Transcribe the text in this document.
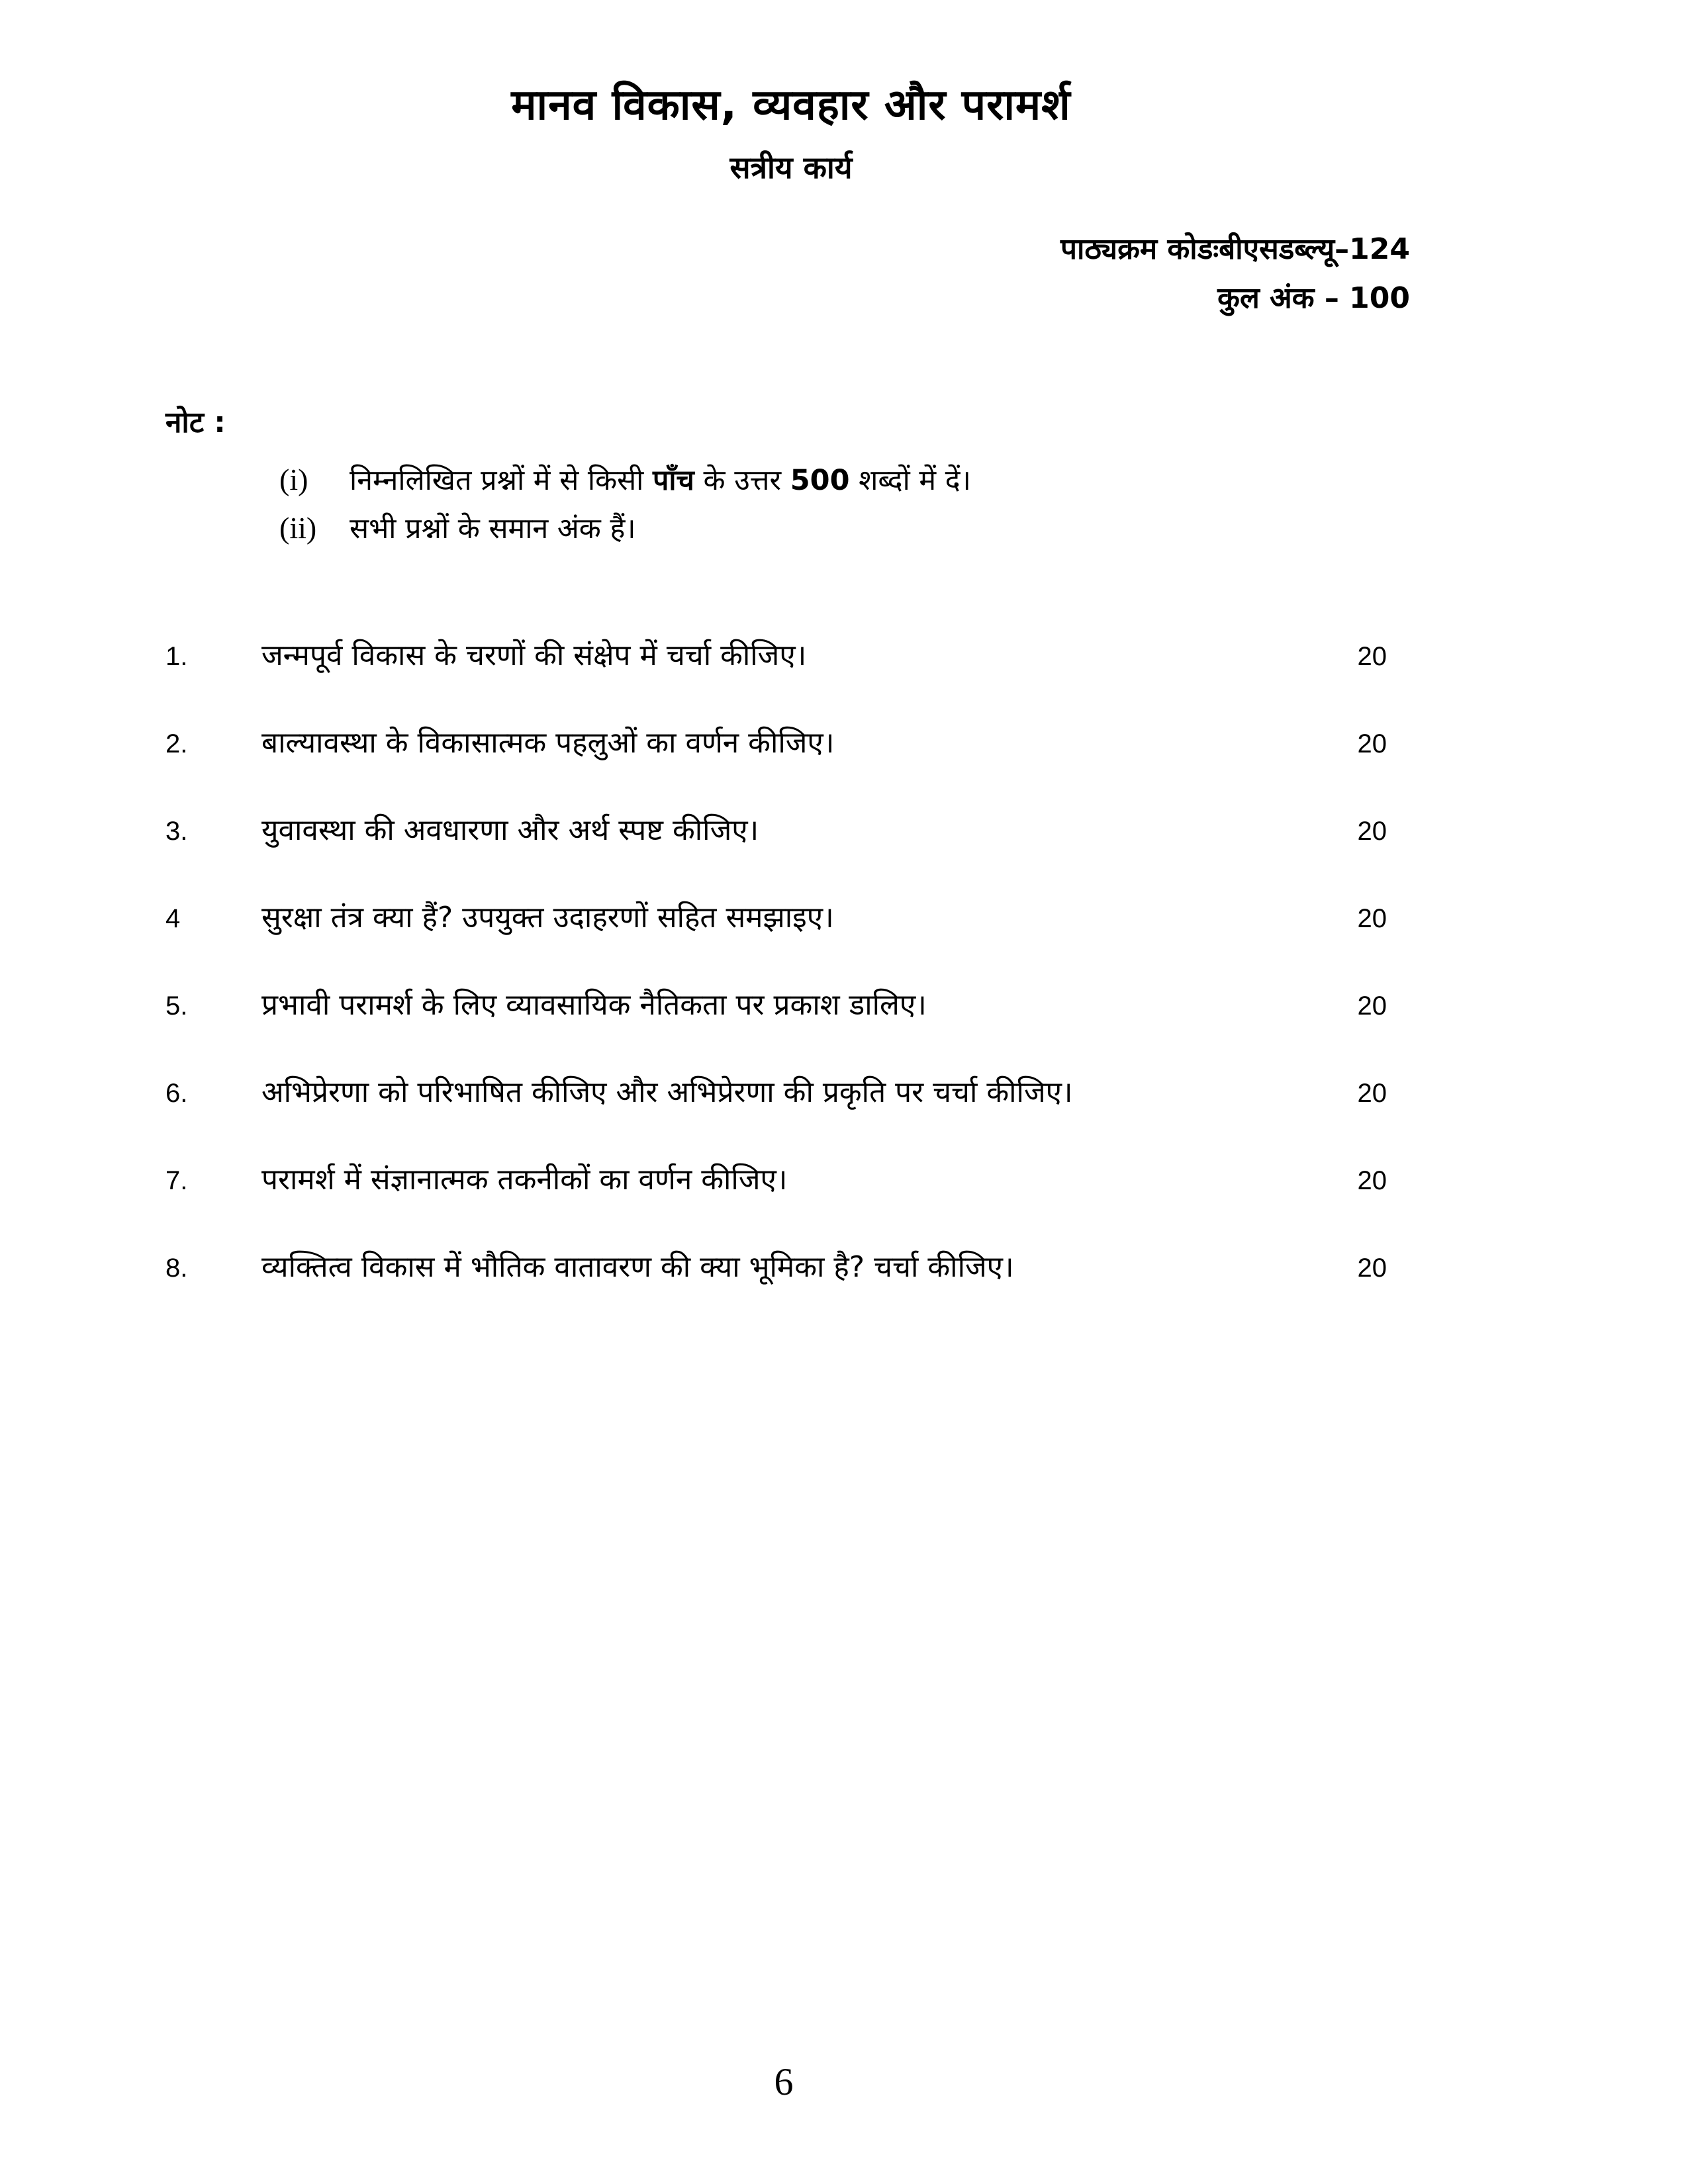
मानव विकास, व्यवहार और परामर्श
सत्रीय कार्य
पाठ्यक्रम कोडःबीएसडब्ल्यू–124
कुल अंक – 100
नोट :
(i)	निम्नलिखित प्रश्नों में से किसी पाँच के उत्तर 500 शब्दों में दें।
(ii)	सभी प्रश्नों के समान अंक हैं।
1.	जन्मपूर्व विकास के चरणों की संक्षेप में चर्चा कीजिए।	20
2.	बाल्यावस्था के विकासात्मक पहलुओं का वर्णन कीजिए।	20
3.	युवावस्था की अवधारणा और अर्थ स्पष्ट कीजिए।	20
4	सुरक्षा तंत्र क्या हैं? उपयुक्त उदाहरणों सहित समझाइए।	20
5.	प्रभावी परामर्श के लिए व्यावसायिक नैतिकता पर प्रकाश डालिए।	20
6.	अभिप्रेरणा को परिभाषित कीजिए और अभिप्रेरणा की प्रकृति पर चर्चा कीजिए।	20
7.	परामर्श में संज्ञानात्मक तकनीकों का वर्णन कीजिए।	20
8.	व्यक्तित्व विकास में भौतिक वातावरण की क्या भूमिका है? चर्चा कीजिए।	20
6
